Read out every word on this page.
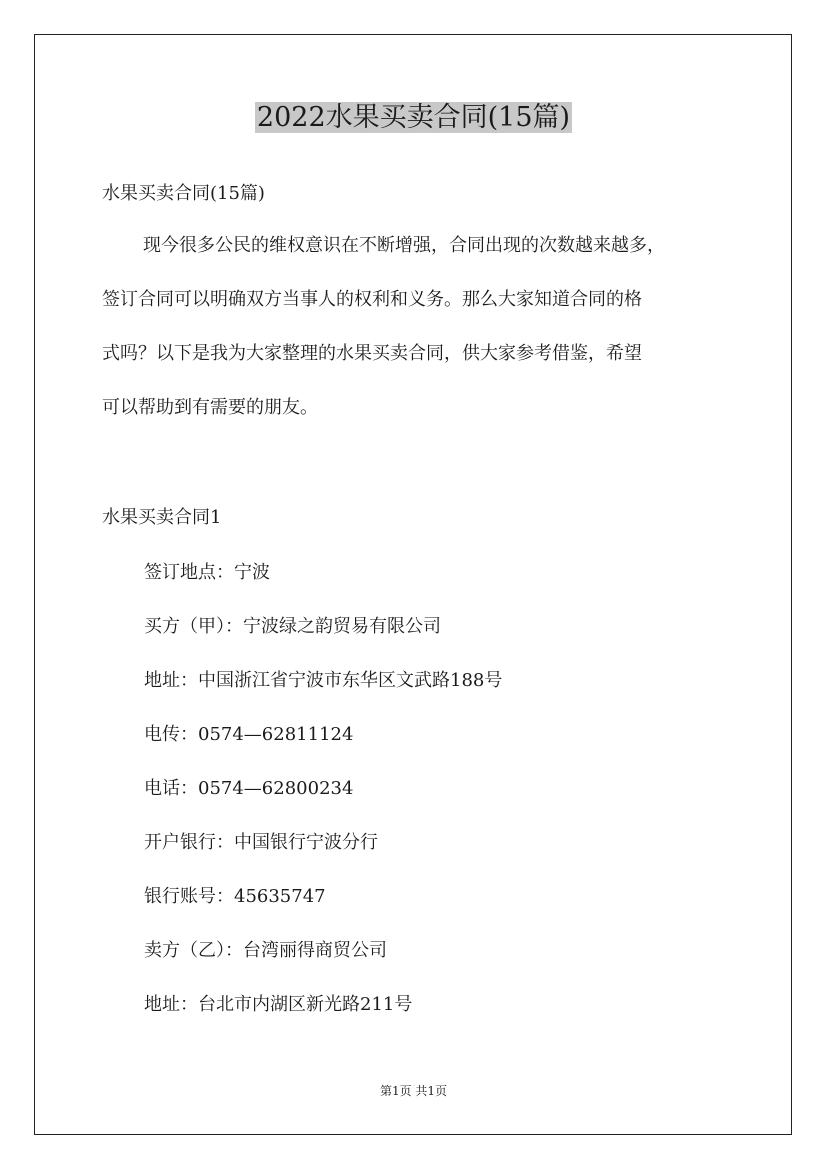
2022水果买卖合同(15篇)
水果买卖合同(15篇)

现今很多公民的维权意识在不断增强，合同出现的次数越来越多，

签订合同可以明确双方当事人的权利和义务。那么大家知道合同的格

式吗？以下是我为大家整理的水果买卖合同，供大家参考借鉴，希望

可以帮助到有需要的朋友。

水果买卖合同1
签订地点：宁波
买方（甲）：宁波绿之韵贸易有限公司
地址：中国浙江省宁波市东华区文武路188号
电传：0574—62811124
电话：0574—62800234
开户银行：中国银行宁波分行
银行账号：45635747
卖方（乙）：台湾丽得商贸公司
地址：台北市内湖区新光路211号
第1页 共1页
